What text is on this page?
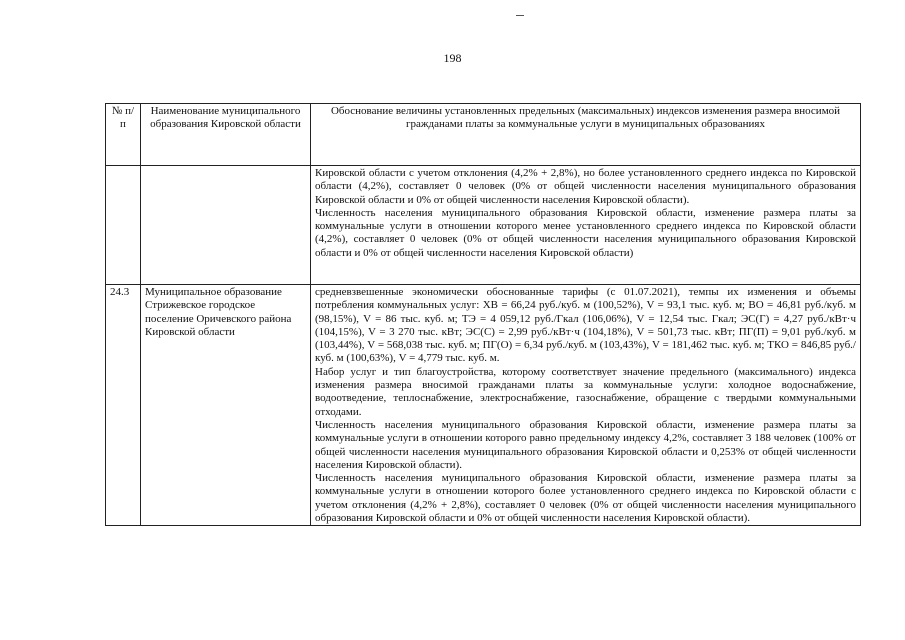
198
№ п/п	Наименование муниципального образования Кировской области	Обоснование величины установленных предельных (максимальных) индексов изменения размера вносимой гражданами платы за коммунальные услуги в муниципальных образованиях

		Кировской области с учетом отклонения (4,2% + 2,8%), но более установленного среднего индекса по Кировской области (4,2%), составляет 0 человек (0% от общей численности населения муниципального образования Кировской области и 0% от общей численности населения Кировской области).

Численность населения муниципального образования Кировской области, изменение размера платы за коммунальные услуги в отношении которого менее установленного среднего индекса по Кировской области (4,2%), составляет 0 человек (0% от общей численности населения муниципального образования Кировской области и 0% от общей численности населения Кировской области)

24.3	Муниципальное образование Стрижевское городское поселение Оричевского района Кировской области	средневзвешенные экономически обоснованные тарифы (с 01.07.2021), темпы их изменения и объемы потребления коммунальных услуг: ХВ = 66,24 руб./куб. м (100,52%), V = 93,1 тыс. куб. м; ВО = 46,81 руб./куб. м (98,15%), V = 86 тыс. куб. м; ТЭ = 4 059,12 руб./Гкал (106,06%), V = 12,54 тыс. Гкал; ЭС(Г) = 4,27 руб./кВт·ч (104,15%), V = 3 270 тыс. кВт; ЭС(С) = 2,99 руб./кВт·ч (104,18%), V = 501,73 тыс. кВт; ПГ(П) = 9,01 руб./куб. м (103,44%), V = 568,038 тыс. куб. м; ПГ(О) = 6,34 руб./куб. м (103,43%), V = 181,462 тыс. куб. м; ТКО = 846,85 руб./куб. м (100,63%), V = 4,779 тыс. куб. м.

Набор услуг и тип благоустройства, которому соответствует значение предельного (максимального) индекса изменения размера вносимой гражданами платы за коммунальные услуги: холодное водоснабжение, водоотведение, теплоснабжение, электроснабжение, газоснабжение, обращение с твердыми коммунальными отходами.

Численность населения муниципального образования Кировской области, изменение размера платы за коммунальные услуги в отношении которого равно предельному индексу 4,2%, составляет 3 188 человек (100% от общей численности населения муниципального образования Кировской области и 0,253% от общей численности населения Кировской области).

Численность населения муниципального образования Кировской области, изменение размера платы за коммунальные услуги в отношении которого более установленного среднего индекса по Кировской области с учетом отклонения (4,2% + 2,8%), составляет 0 человек (0% от общей численности населения муниципального образования Кировской области и 0% от общей численности населения Кировской области).
